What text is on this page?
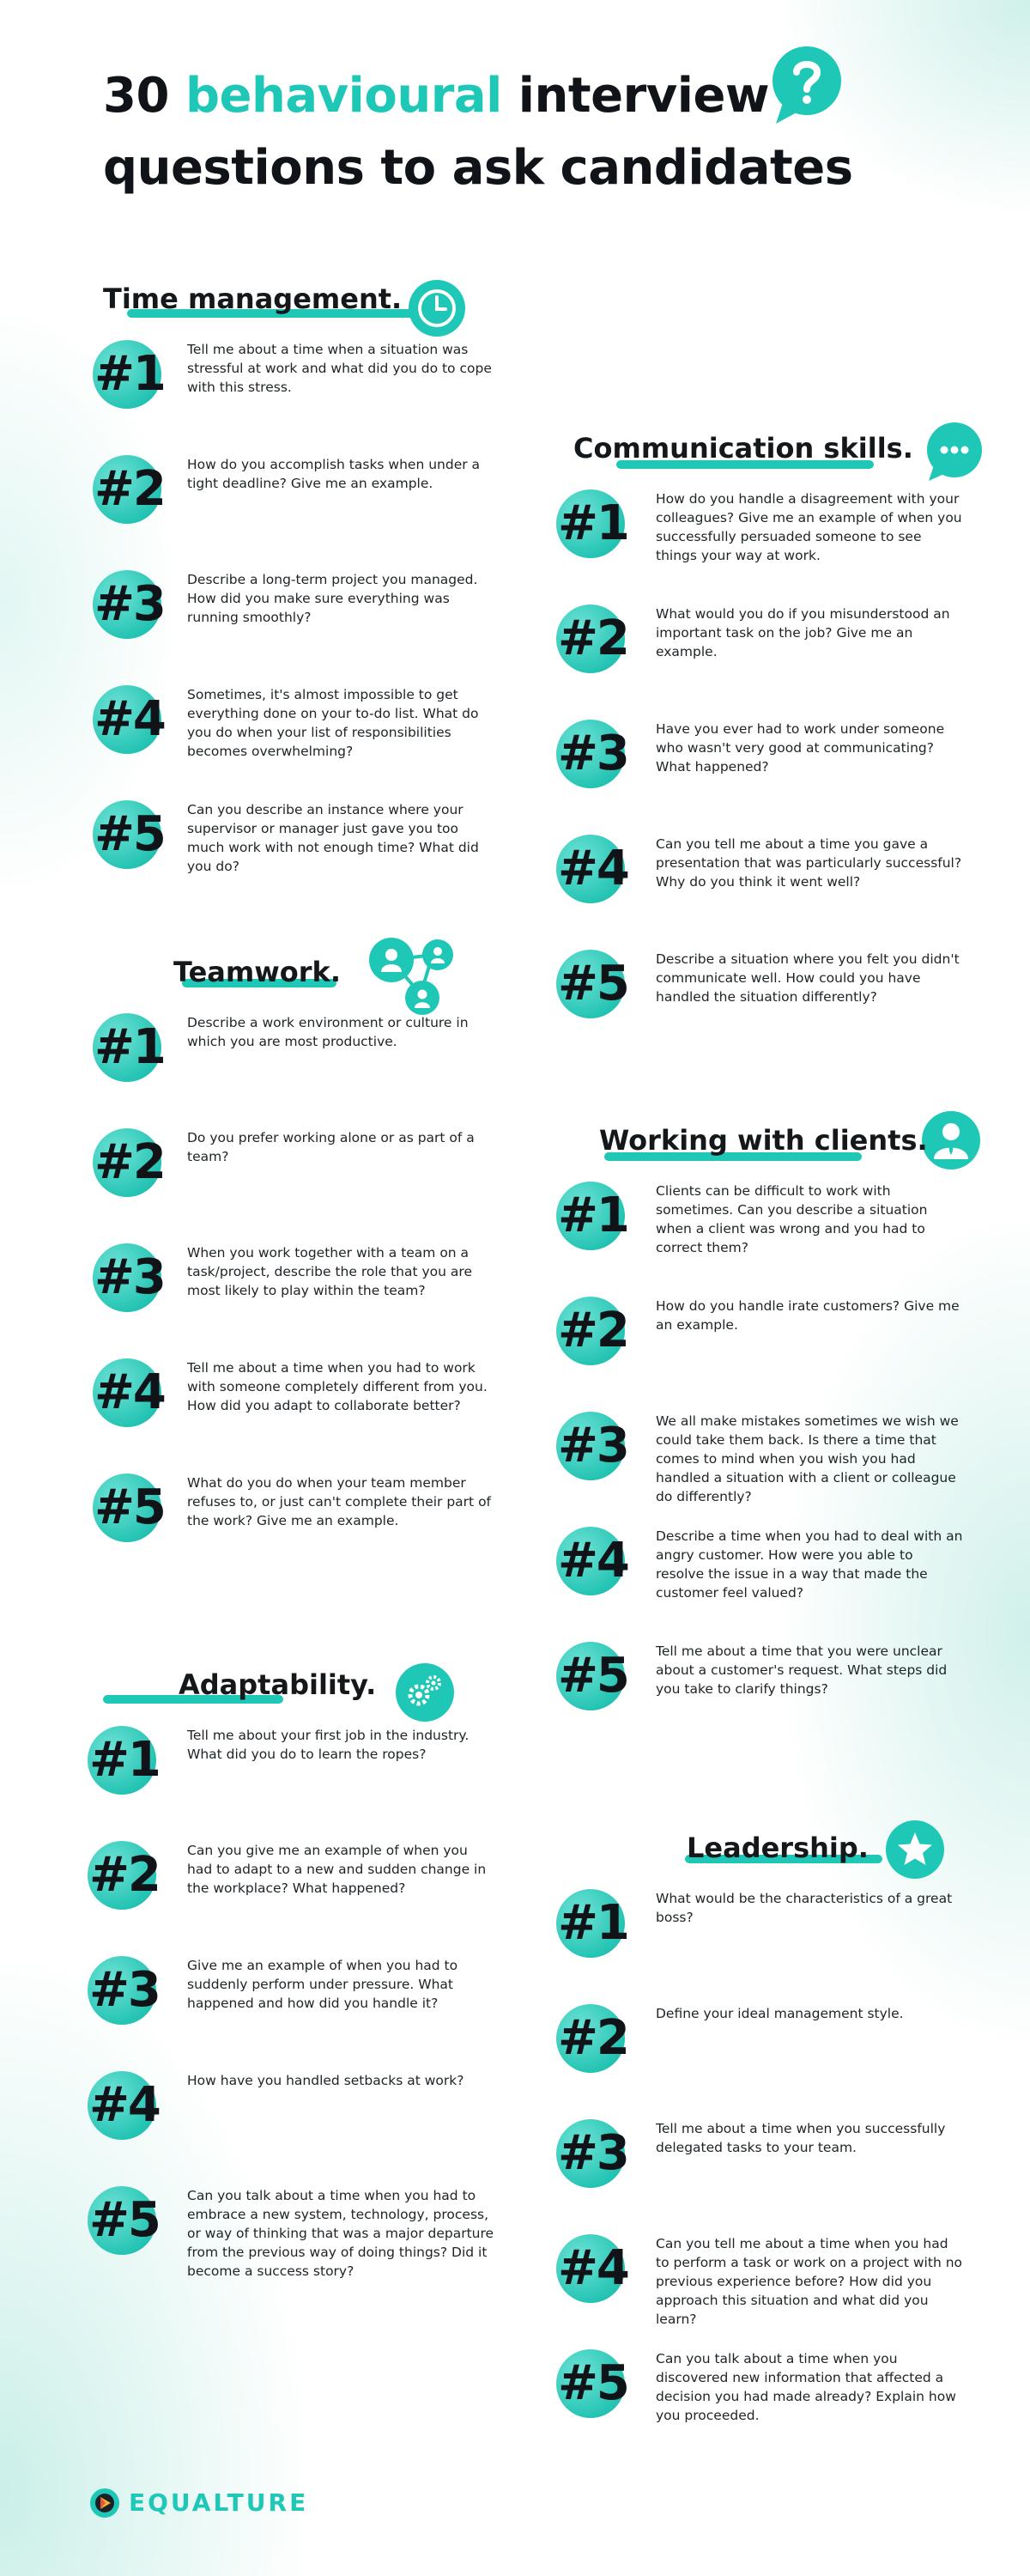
30 behavioural interview
questions to ask candidates
Time management.
#1 Tell me about a time when a situation was stressful at work and what did you do to cope with this stress.
#2 How do you accomplish tasks when under a tight deadline? Give me an example.
#3 Describe a long-term project you managed. How did you make sure everything was running smoothly?
#4 Sometimes, it's almost impossible to get everything done on your to-do list. What do you do when your list of responsibilities becomes overwhelming?
#5 Can you describe an instance where your supervisor or manager just gave you too much work with not enough time? What did you do?
Teamwork.
#1 Describe a work environment or culture in which you are most productive.
#2 Do you prefer working alone or as part of a team?
#3 When you work together with a team on a task/project, describe the role that you are most likely to play within the team?
#4 Tell me about a time when you had to work with someone completely different from you. How did you adapt to collaborate better?
#5 What do you do when your team member refuses to, or just can't complete their part of the work? Give me an example.
Adaptability.
#1 Tell me about your first job in the industry. What did you do to learn the ropes?
#2 Can you give me an example of when you had to adapt to a new and sudden change in the workplace? What happened?
#3 Give me an example of when you had to suddenly perform under pressure. What happened and how did you handle it?
#4 How have you handled setbacks at work?
#5 Can you talk about a time when you had to embrace a new system, technology, process, or way of thinking that was a major departure from the previous way of doing things? Did it become a success story?
Communication skills.
#1 How do you handle a disagreement with your colleagues? Give me an example of when you successfully persuaded someone to see things your way at work.
#2 What would you do if you misunderstood an important task on the job? Give me an example.
#3 Have you ever had to work under someone who wasn't very good at communicating? What happened?
#4 Can you tell me about a time you gave a presentation that was particularly successful? Why do you think it went well?
#5 Describe a situation where you felt you didn't communicate well. How could you have handled the situation differently?
Working with clients.
#1 Clients can be difficult to work with sometimes. Can you describe a situation when a client was wrong and you had to correct them?
#2 How do you handle irate customers? Give me an example.
#3 We all make mistakes sometimes we wish we could take them back. Is there a time that comes to mind when you wish you had handled a situation with a client or colleague do differently?
#4 Describe a time when you had to deal with an angry customer. How were you able to resolve the issue in a way that made the customer feel valued?
#5 Tell me about a time that you were unclear about a customer's request. What steps did you take to clarify things?
Leadership.
#1 What would be the characteristics of a great boss?
#2 Define your ideal management style.
#3 Tell me about a time when you successfully delegated tasks to your team.
#4 Can you tell me about a time when you had to perform a task or work on a project with no previous experience before? How did you approach this situation and what did you learn?
#5 Can you talk about a time when you discovered new information that affected a decision you had made already? Explain how you proceeded.
EQUALTURE
